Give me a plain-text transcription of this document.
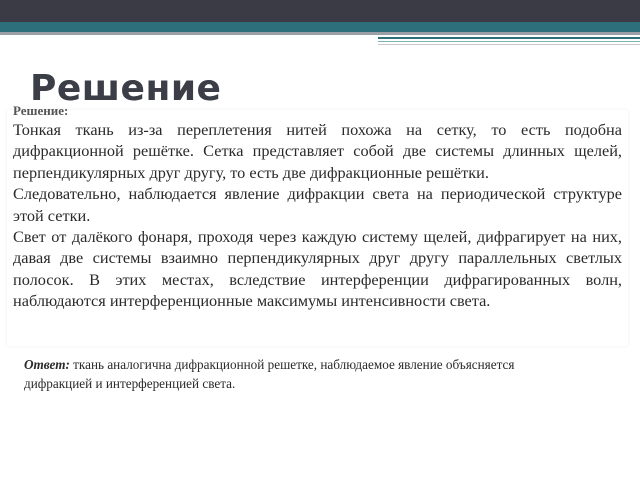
Решение
Решение:

Тонкая ткань из-за переплетения нитей похожа на сетку, то есть подобна дифракционной решётке. Сетка представляет собой две системы длинных щелей, перпендикулярных друг другу, то есть две дифракционные решётки.

Следовательно, наблюдается явление дифракции света на периодической структуре этой сетки.

Свет от далёкого фонаря, проходя через каждую систему щелей, дифрагирует на них, давая две системы взаимно перпендикулярных друг другу параллельных светлых полосок. В этих местах, вследствие интерференции дифрагированных волн, наблюдаются интерференционные максимумы интенсивности света.

Ответ: ткань аналогична дифракционной решетке, наблюдаемое явление объясняется дифракцией и интерференцией света.
